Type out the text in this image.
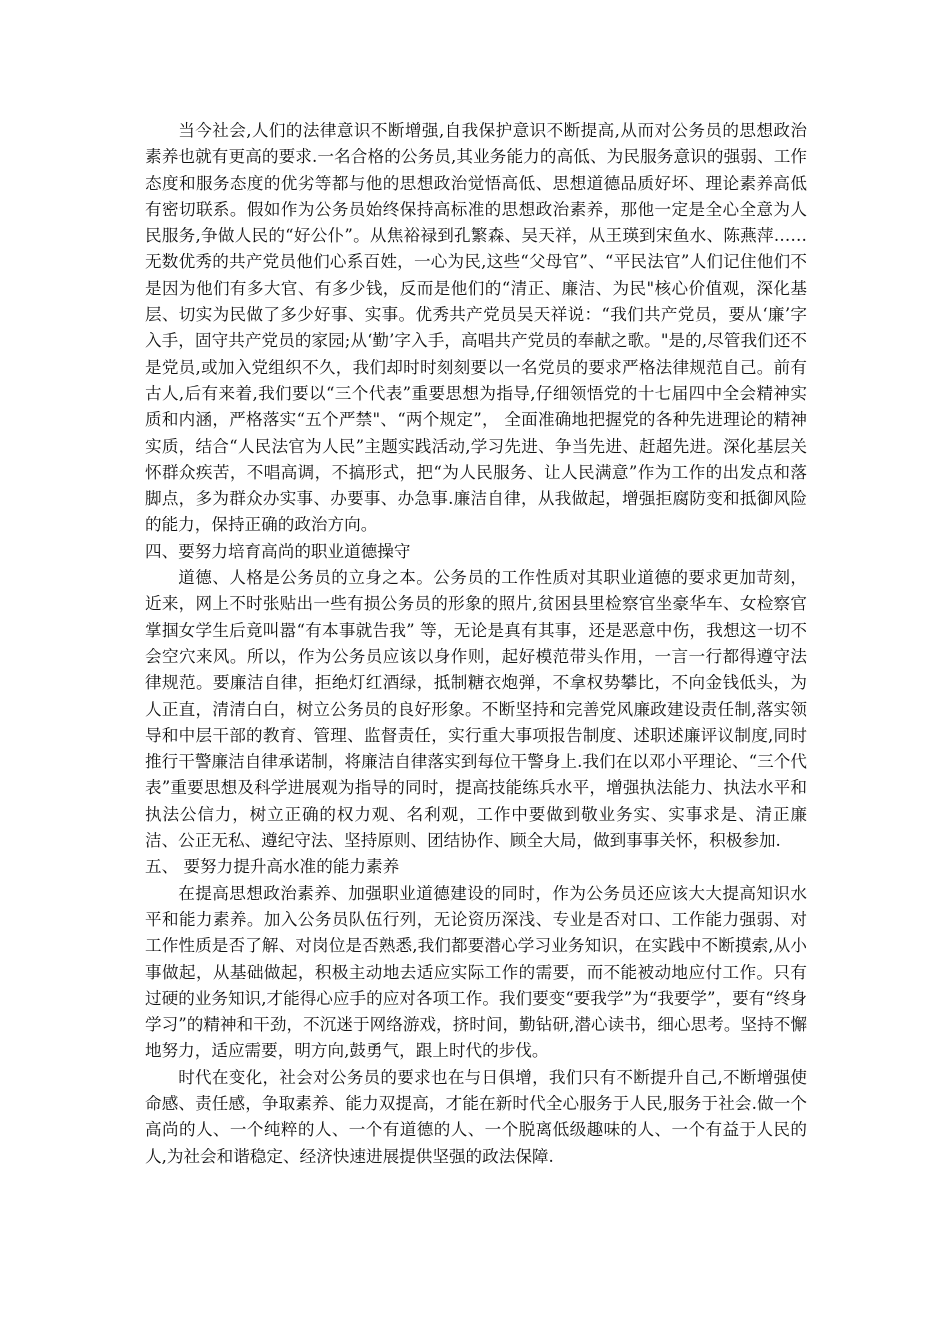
当今社会,人们的法律意识不断增强,自我保护意识不断提高,从而对公务员的思想政治素养也就有更高的要求.一名合格的公务员,其业务能力的高低、为民服务意识的强弱、工作态度和服务态度的优劣等都与他的思想政治觉悟高低、思想道德品质好坏、理论素养高低有密切联系。假如作为公务员始终保持高标准的思想政治素养，那他一定是全心全意为人民服务,争做人民的“好公仆”。从焦裕禄到孔繁森、吴天祥，从王瑛到宋鱼水、陈燕萍……无数优秀的共产党员他们心系百姓，一心为民,这些“父母官”、“平民法官”人们记住他们不是因为他们有多大官、有多少钱，反而是他们的“清正、廉洁、为民"核心价值观，深化基层、切实为民做了多少好事、实事。优秀共产党员吴天祥说：“我们共产党员，要从‘廉’字入手，固守共产党员的家园;从‘勤’字入手，高唱共产党员的奉献之歌。"是的,尽管我们还不是党员,或加入党组织不久，我们却时时刻刻要以一名党员的要求严格法律规范自己。前有古人,后有来着,我们要以“三个代表”重要思想为指导,仔细领悟党的十七届四中全会精神实质和内涵，严格落实“五个严禁"、“两个规定”， 全面准确地把握党的各种先进理论的精神实质，结合“人民法官为人民”主题实践活动,学习先进、争当先进、赶超先进。深化基层关怀群众疾苦，不唱高调，不搞形式，把“为人民服务、让人民满意”作为工作的出发点和落脚点，多为群众办实事、办要事、办急事.廉洁自律，从我做起，增强拒腐防变和抵御风险的能力，保持正确的政治方向。

四、要努力培育高尚的职业道德操守

道德、人格是公务员的立身之本。公务员的工作性质对其职业道德的要求更加苛刻，近来，网上不时张贴出一些有损公务员的形象的照片,贫困县里检察官坐豪华车、女检察官掌掴女学生后竟叫嚣“有本事就告我” 等，无论是真有其事，还是恶意中伤，我想这一切不会空穴来风。所以，作为公务员应该以身作则，起好模范带头作用，一言一行都得遵守法律规范。要廉洁自律，拒绝灯红酒绿，抵制糖衣炮弹，不拿权势攀比，不向金钱低头，为人正直，清清白白，树立公务员的良好形象。不断坚持和完善党风廉政建设责任制,落实领导和中层干部的教育、管理、监督责任，实行重大事项报告制度、述职述廉评议制度,同时推行干警廉洁自律承诺制，将廉洁自律落实到每位干警身上.我们在以邓小平理论、“三个代表”重要思想及科学进展观为指导的同时，提高技能练兵水平，增强执法能力、执法水平和执法公信力，树立正确的权力观、名利观，工作中要做到敬业务实、实事求是、清正廉洁、公正无私、遵纪守法、坚持原则、团结协作、顾全大局，做到事事关怀，积极参加.

五、 要努力提升高水准的能力素养

在提高思想政治素养、加强职业道德建设的同时，作为公务员还应该大大提高知识水平和能力素养。加入公务员队伍行列，无论资历深浅、专业是否对口、工作能力强弱、对工作性质是否了解、对岗位是否熟悉,我们都要潜心学习业务知识，在实践中不断摸索,从小事做起，从基础做起，积极主动地去适应实际工作的需要，而不能被动地应付工作。只有过硬的业务知识,才能得心应手的应对各项工作。我们要变“要我学”为“我要学”，要有“终身学习”的精神和干劲，不沉迷于网络游戏，挤时间，勤钻研,潜心读书，细心思考。坚持不懈地努力，适应需要，明方向,鼓勇气，跟上时代的步伐。

时代在变化，社会对公务员的要求也在与日俱增，我们只有不断提升自己,不断增强使命感、责任感，争取素养、能力双提高，才能在新时代全心服务于人民,服务于社会.做一个高尚的人、一个纯粹的人、一个有道德的人、一个脱离低级趣味的人、一个有益于人民的人,为社会和谐稳定、经济快速进展提供坚强的政法保障.
